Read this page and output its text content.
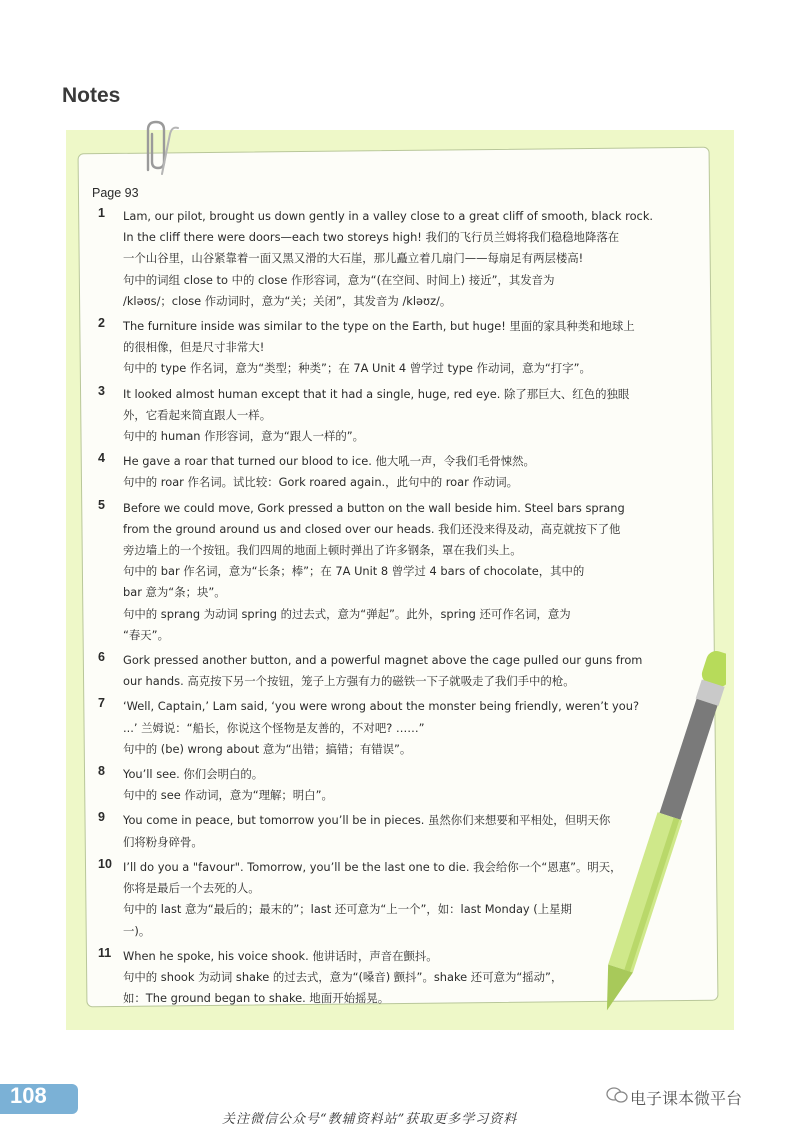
Notes
Page 93
1	Lam, our pilot, brought us down gently in a valley close to a great cliff of smooth, black rock.
In the cliff there were doors—each two storeys high! 我们的飞行员兰姆将我们稳稳地降落在
一个山谷里，山谷紧靠着一面又黑又滑的大石崖，那儿矗立着几扇门——每扇足有两层楼高!
句中的词组 close to 中的 close 作形容词，意为“(在空间、时间上) 接近”，其发音为
/kləʊs/；close 作动词时，意为“关；关闭”，其发音为 /kləʊz/。
2	The furniture inside was similar to the type on the Earth, but huge! 里面的家具种类和地球上
的很相像，但是尺寸非常大!
句中的 type 作名词，意为“类型；种类”；在 7A Unit 4 曾学过 type 作动词，意为“打字”。
3	It looked almost human except that it had a single, huge, red eye. 除了那巨大、红色的独眼
外，它看起来简直跟人一样。
句中的 human 作形容词，意为“跟人一样的”。
4	He gave a roar that turned our blood to ice. 他大吼一声，令我们毛骨悚然。
句中的 roar 作名词。试比较：Gork roared again.，此句中的 roar 作动词。
5	Before we could move, Gork pressed a button on the wall beside him. Steel bars sprang
from the ground around us and closed over our heads. 我们还没来得及动，高克就按下了他
旁边墙上的一个按钮。我们四周的地面上顿时弹出了许多钢条，罩在我们头上。
句中的 bar 作名词，意为“长条；棒”；在 7A Unit 8 曾学过 4 bars of chocolate，其中的
bar 意为“条；块”。
句中的 sprang 为动词 spring 的过去式，意为“弹起”。此外，spring 还可作名词，意为
“春天”。
6	Gork pressed another button, and a powerful magnet above the cage pulled our guns from
our hands. 高克按下另一个按钮，笼子上方强有力的磁铁一下子就吸走了我们手中的枪。
7	‘Well, Captain,’ Lam said, ‘you were wrong about the monster being friendly, weren’t you?
...’ 兰姆说：“船长，你说这个怪物是友善的，不对吧? ……”
句中的 (be) wrong about 意为“出错；搞错；有错误”。
8	You’ll see. 你们会明白的。
句中的 see 作动词，意为“理解；明白”。
9	You come in peace, but tomorrow you’ll be in pieces. 虽然你们来想要和平相处，但明天你
们将粉身碎骨。
10 I’ll do you a "favour". Tomorrow, you’ll be the last one to die. 我会给你一个“恩惠”。明天，
你将是最后一个去死的人。
句中的 last 意为“最后的；最末的”；last 还可意为“上一个”，如：last Monday (上星期
一)。
11	When he spoke, his voice shook. 他讲话时，声音在颤抖。
句中的 shook 为动词 shake 的过去式，意为“(嗓音) 颤抖”。shake 还可意为“摇动”，
如：The ground began to shake. 地面开始摇晃。
108	电子课本微平台
关注微信公众号“教辅资料站”获取更多学习资料
